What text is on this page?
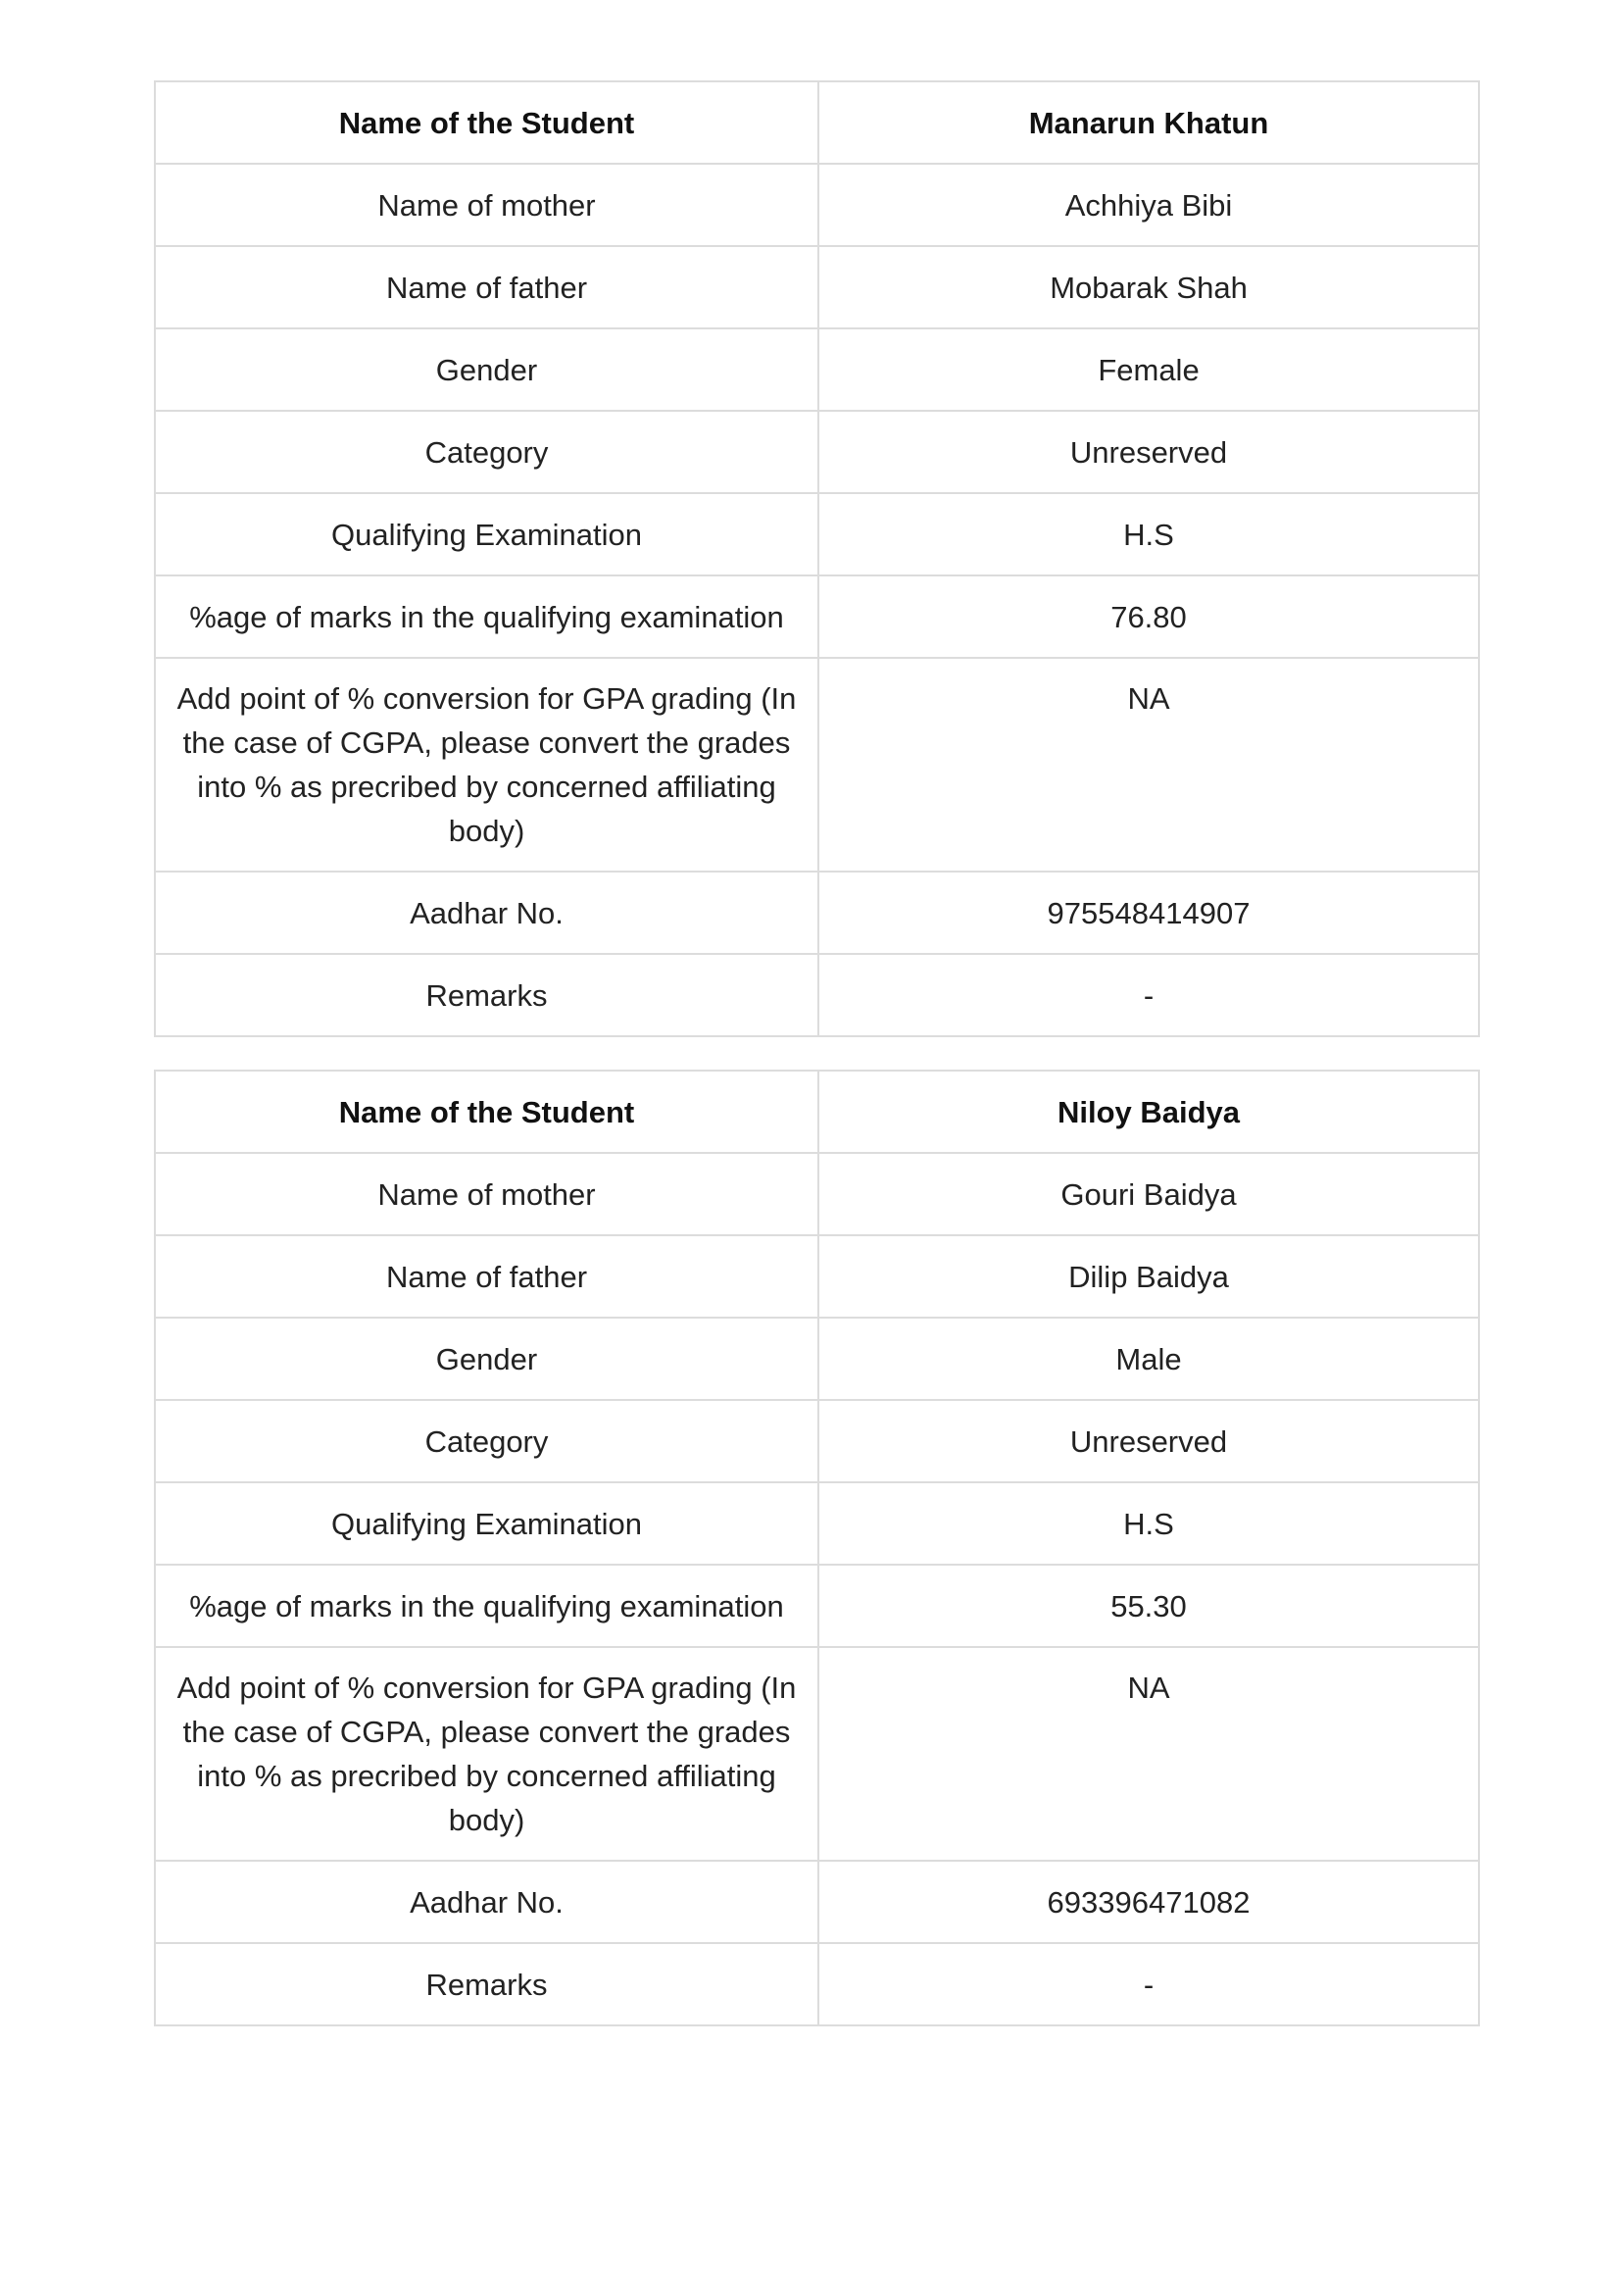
Name of the Student	Manarun Khatun
Name of mother	Achhiya Bibi
Name of father	Mobarak Shah
Gender	Female
Category	Unreserved
Qualifying Examination	H.S
%age of marks in the qualifying examination	76.80
Add point of % conversion for GPA grading (In the case of CGPA, please convert the grades into % as precribed by concerned affiliating body)	NA
Aadhar No.	975548414907
Remarks	-
Name of the Student	Niloy Baidya
Name of mother	Gouri Baidya
Name of father	Dilip Baidya
Gender	Male
Category	Unreserved
Qualifying Examination	H.S
%age of marks in the qualifying examination	55.30
Add point of % conversion for GPA grading (In the case of CGPA, please convert the grades into % as precribed by concerned affiliating body)	NA
Aadhar No.	693396471082
Remarks	-
